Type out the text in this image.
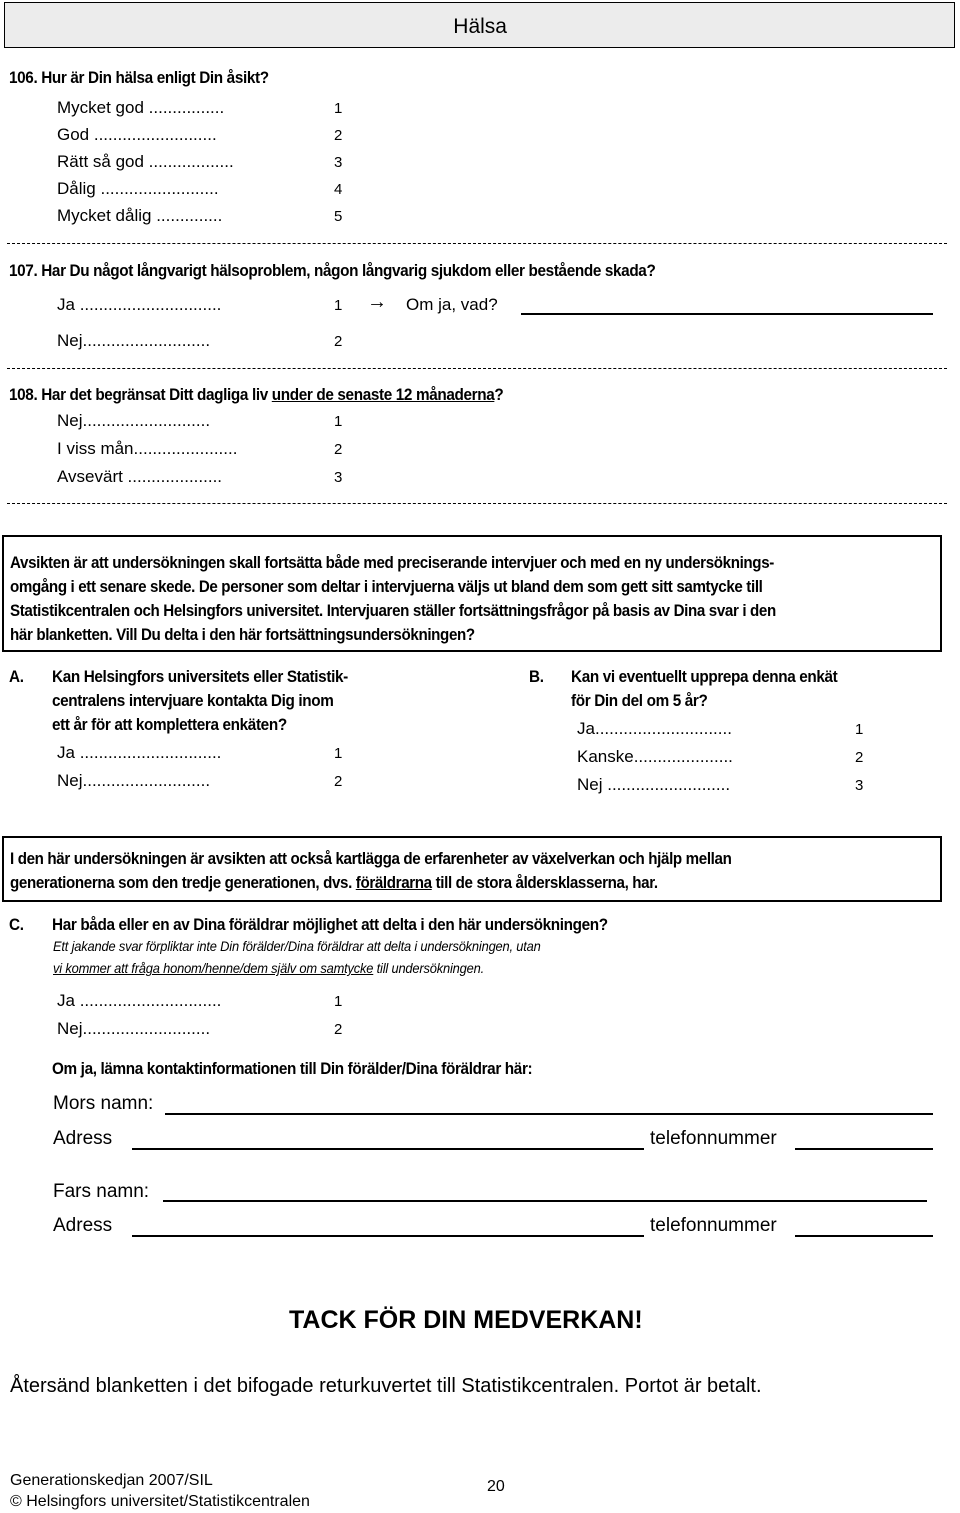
Hälsa
106. Hur är Din hälsa enligt Din åsikt?
Mycket god ................	1
God ..........................	2
Rätt så god ..................	3
Dålig .........................	4
Mycket dålig ..............	5
107. Har Du något långvarigt hälsoproblem, någon långvarig sjukdom eller bestående skada?
Ja ..............................	1 → Om ja, vad?
Nej...........................	2
108. Har det begränsat Ditt dagliga liv under de senaste 12 månaderna?
Nej...........................	1
I viss mån......................	2
Avsevärt ....................	3
Avsikten är att undersökningen skall fortsätta både med preciserande intervjuer och med en ny undersöknings-
omgång i ett senare skede. De personer som deltar i intervjuerna väljs ut bland dem som gett sitt samtycke till
Statistikcentralen och Helsingfors universitet. Intervjuaren ställer fortsättningsfrågor på basis av Dina svar i den
här blanketten. Vill Du delta i den här fortsättningsundersökningen?
A. Kan Helsingfors universitets eller Statistik-
centralens intervjuare kontakta Dig inom
ett år för att komplettera enkäten?
Ja ..............................	1
Nej...........................	2
B. Kan vi eventuellt upprepa denna enkät
för Din del om 5 år?
Ja.............................	1
Kanske.....................	2
Nej ..........................	3
I den här undersökningen är avsikten att också kartlägga de erfarenheter av växelverkan och hjälp mellan
generationerna som den tredje generationen, dvs. föräldrarna till de stora åldersklasserna, har.
C. Har båda eller en av Dina föräldrar möjlighet att delta i den här undersökningen?
Ett jakande svar förpliktar inte Din förälder/Dina föräldrar att delta i undersökningen, utan
vi kommer att fråga honom/henne/dem själv om samtycke till undersökningen.
Ja ..............................	1
Nej...........................	2
Om ja, lämna kontaktinformationen till Din förälder/Dina föräldrar här:
Mors namn:
Adress	telefonnummer
Fars namn:
Adress	telefonnummer
TACK FÖR DIN MEDVERKAN!
Återsänd blanketten i det bifogade returkuvertet till Statistikcentralen. Portot är betalt.
Generationskedjan 2007/SIL
© Helsingfors universitet/Statistikcentralen
20
